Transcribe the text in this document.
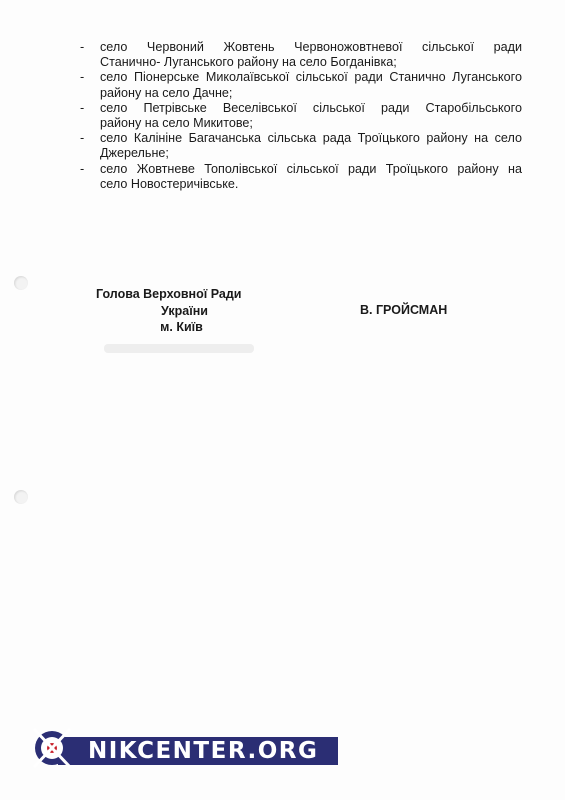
- село Червоний Жовтень Червоножовтневої сільської ради
Станично- Луганського району на село Богданівка;
- село Піонерське Миколаївської сільської ради Станично Луганського
району на село Дачне;
- село Петрівське Веселівської сільської ради Старобільського
району на село Микитове;
- село Калініне Багачанська сільська рада Троїцького району на село
Джерельне;
- село Жовтневе Тополівської сільської ради Троїцького району на
село Новостеричівське.
Голова Верховної Ради
України
м. Київ
В. ГРОЙСМАН
NIKCENTER.ORG
